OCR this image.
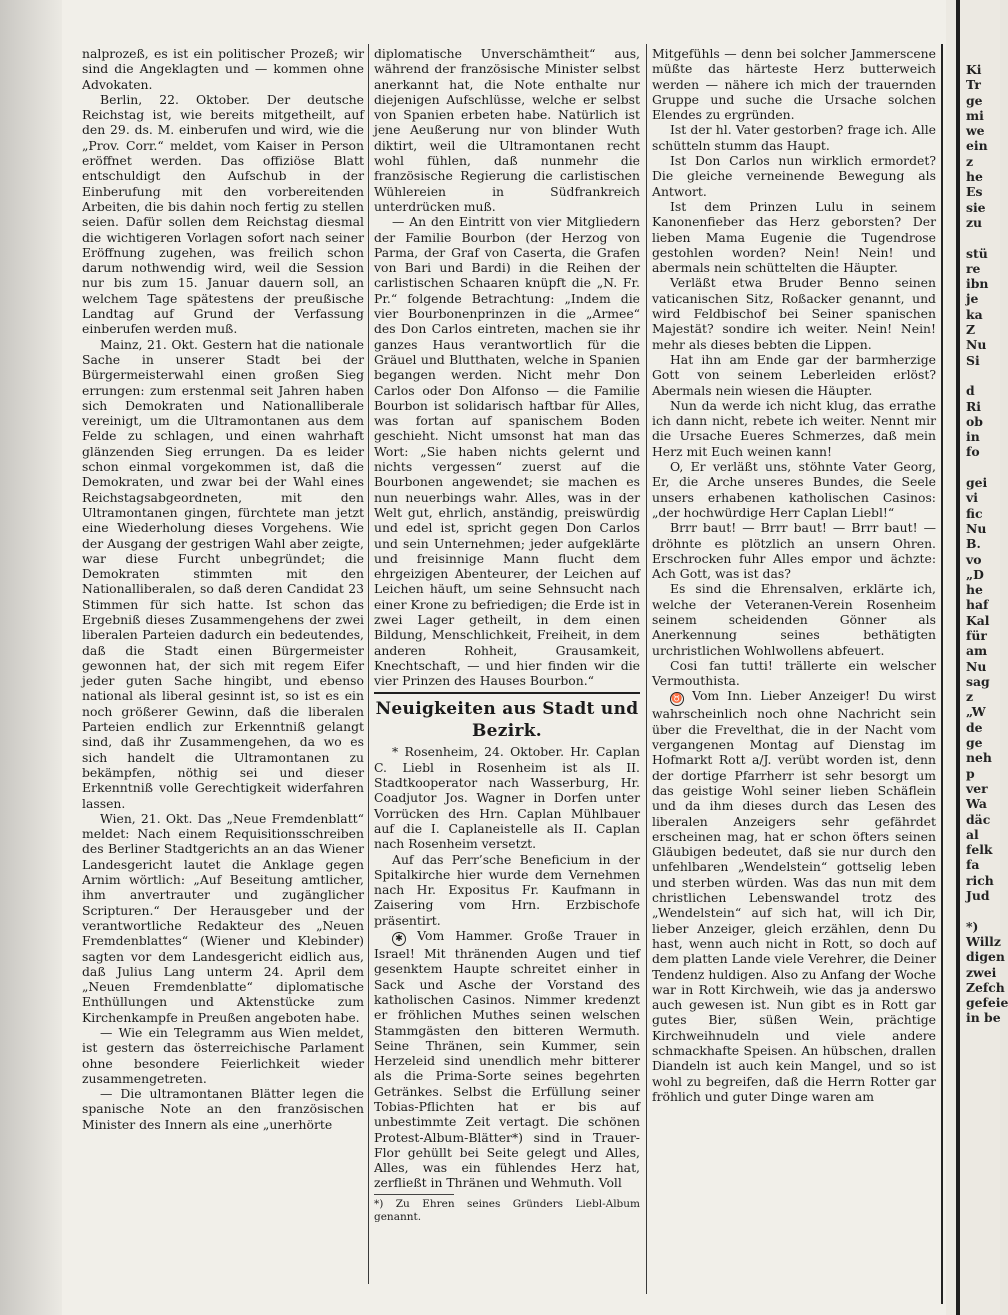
nalprozeß, es ist ein politischer Prozeß; wir sind die Angeklagten und — kommen ohne Advokaten.

Berlin, 22. Oktober. Der deutsche Reichstag ist, wie bereits mitgetheilt, auf den 29. ds. M. einberufen und wird, wie die „Prov. Corr.“ meldet, vom Kaiser in Person eröffnet werden. Das offiziöse Blatt entschuldigt den Aufschub in der Einberufung mit den vorbereitenden Arbeiten, die bis dahin noch fertig zu stellen seien. Dafür sollen dem Reichstag diesmal die wichtigeren Vorlagen sofort nach seiner Eröffnung zugehen, was freilich schon darum nothwendig wird, weil die Session nur bis zum 15. Januar dauern soll, an welchem Tage spätestens der preußische Landtag auf Grund der Verfassung einberufen werden muß.

Mainz, 21. Okt. Gestern hat die nationale Sache in unserer Stadt bei der Bürgermeisterwahl einen großen Sieg errungen: zum erstenmal seit Jahren haben sich Demokraten und Nationalliberale vereinigt, um die Ultramontanen aus dem Felde zu schlagen, und einen wahrhaft glänzenden Sieg errungen. Da es leider schon einmal vorgekommen ist, daß die Demokraten, und zwar bei der Wahl eines Reichstagsabgeordneten, mit den Ultramontanen gingen, fürchtete man jetzt eine Wiederholung dieses Vorgehens. Wie der Ausgang der gestrigen Wahl aber zeigte, war diese Furcht unbegründet; die Demokraten stimmten mit den Nationalliberalen, so daß deren Candidat 23 Stimmen für sich hatte. Ist schon das Ergebniß dieses Zusammengehens der zwei liberalen Parteien dadurch ein bedeutendes, daß die Stadt einen Bürgermeister gewonnen hat, der sich mit regem Eifer jeder guten Sache hingibt, und ebenso national als liberal gesinnt ist, so ist es ein noch größerer Gewinn, daß die liberalen Parteien endlich zur Erkenntniß gelangt sind, daß ihr Zusammengehen, da wo es sich handelt die Ultramontanen zu bekämpfen, nöthig sei und dieser Erkenntniß volle Gerechtigkeit widerfahren lassen.

Wien, 21. Okt. Das „Neue Fremdenblatt“ meldet: Nach einem Requisitionsschreiben des Berliner Stadtgerichts an an das Wiener Landesgericht lautet die Anklage gegen Arnim wörtlich: „Auf Beseitung amtlicher, ihm anvertrauter und zugänglicher Scripturen.“ Der Herausgeber und der verantwortliche Redakteur des „Neuen Fremdenblattes“ (Wiener und Klebinder) sagten vor dem Landesgericht eidlich aus, daß Julius Lang unterm 24. April dem „Neuen Fremdenblatte“ diplomatische Enthüllungen und Aktenstücke zum Kirchenkampfe in Preußen angeboten habe.

— Wie ein Telegramm aus Wien meldet, ist gestern das österreichische Parlament ohne besondere Feierlichkeit wieder zusammengetreten.

— Die ultramontanen Blätter legen die spanische Note an den französischen Minister des Innern als eine „unerhörte

diplomatische Unverschämtheit“ aus, während der französische Minister selbst anerkannt hat, die Note enthalte nur diejenigen Aufschlüsse, welche er selbst von Spanien erbeten habe. Natürlich ist jene Aeußerung nur von blinder Wuth diktirt, weil die Ultramontanen recht wohl fühlen, daß nunmehr die französische Regierung die carlistischen Wühlereien in Südfrankreich unterdrücken muß.

— An den Eintritt von vier Mitgliedern der Familie Bourbon (der Herzog von Parma, der Graf von Caserta, die Grafen von Bari und Bardi) in die Reihen der carlistischen Schaaren knüpft die „N. Fr. Pr.“ folgende Betrachtung: „Indem die vier Bourbonenprinzen in die „Armee“ des Don Carlos eintreten, machen sie ihr ganzes Haus verantwortlich für die Gräuel und Blutthaten, welche in Spanien begangen werden. Nicht mehr Don Carlos oder Don Alfonso — die Familie Bourbon ist solidarisch haftbar für Alles, was fortan auf spanischem Boden geschieht. Nicht umsonst hat man das Wort: „Sie haben nichts gelernt und nichts vergessen“ zuerst auf die Bourbonen angewendet; sie machen es nun neuerbings wahr. Alles, was in der Welt gut, ehrlich, anständig, preiswürdig und edel ist, spricht gegen Don Carlos und sein Unternehmen; jeder aufgeklärte und freisinnige Mann flucht dem ehrgeizigen Abenteurer, der Leichen auf Leichen häuft, um seine Sehnsucht nach einer Krone zu befriedigen; die Erde ist in zwei Lager getheilt, in dem einen Bildung, Menschlichkeit, Freiheit, in dem anderen Rohheit, Grausamkeit, Knechtschaft, — und hier finden wir die vier Prinzen des Hauses Bourbon.“

Neuigkeiten aus Stadt und Bezirk.

* Rosenheim, 24. Oktober. Hr. Caplan C. Liebl in Rosenheim ist als II. Stadtkooperator nach Wasserburg, Hr. Coadjutor Jos. Wagner in Dorfen unter Vorrücken des Hrn. Caplan Mühlbauer auf die I. Caplaneistelle als II. Caplan nach Rosenheim versetzt.

Auf das Perr’sche Beneficium in der Spitalkirche hier wurde dem Vernehmen nach Hr. Expositus Fr. Kaufmann in Zaisering vom Hrn. Erzbischofe präsentirt.

✱ Vom Hammer. Große Trauer in Israel! Mit thränenden Augen und tief gesenktem Haupte schreitet einher in Sack und Asche der Vorstand des katholischen Casinos. Nimmer kredenzt er fröhlichen Muthes seinen welschen Stammgästen den bitteren Wermuth. Seine Thränen, sein Kummer, sein Herzeleid sind unendlich mehr bitterer als die Prima-Sorte seines begehrten Getränkes. Selbst die Erfüllung seiner Tobias-Pflichten hat er bis auf unbestimmte Zeit vertagt. Die schönen Protest-Album-Blätter*) sind in Trauer-Flor gehüllt bei Seite gelegt und Alles, Alles, was ein fühlendes Herz hat, zerfließt in Thränen und Wehmuth. Voll

*) Zu Ehren seines Gründers Liebl-Album genannt.

Mitgefühls — denn bei solcher Jammerscene müßte das härteste Herz butterweich werden — nähere ich mich der trauernden Gruppe und suche die Ursache solchen Elendes zu ergründen.

Ist der hl. Vater gestorben? frage ich. Alle schütteln stumm das Haupt.

Ist Don Carlos nun wirklich ermordet? Die gleiche verneinende Bewegung als Antwort.

Ist dem Prinzen Lulu in seinem Kanonenfieber das Herz geborsten? Der lieben Mama Eugenie die Tugendrose gestohlen worden? Nein! Nein! und abermals nein schüttelten die Häupter.

Verläßt etwa Bruder Benno seinen vaticanischen Sitz, Roßacker genannt, und wird Feldbischof bei Seiner spanischen Majestät? sondire ich weiter. Nein! Nein! mehr als dieses bebten die Lippen.

Hat ihn am Ende gar der barmherzige Gott von seinem Leberleiden erlöst? Abermals nein wiesen die Häupter.

Nun da werde ich nicht klug, das errathe ich dann nicht, rebete ich weiter. Nennt mir die Ursache Eueres Schmerzes, daß mein Herz mit Euch weinen kann!

O, Er verläßt uns, stöhnte Vater Georg, Er, die Arche unseres Bundes, die Seele unsers erhabenen katholischen Casinos: „der hochwürdige Herr Caplan Liebl!“

Brrr baut! — Brrr baut! — Brrr baut! — dröhnte es plötzlich an unsern Ohren. Erschrocken fuhr Alles empor und ächzte: Ach Gott, was ist das?

Es sind die Ehrensalven, erklärte ich, welche der Veteranen-Verein Rosenheim seinem scheidenden Gönner als Anerkennung seines bethätigten urchristlichen Wohlwollens abfeuert.

Cosi fan tutti! trällerte ein welscher Vermouthista.

♉ Vom Inn. Lieber Anzeiger! Du wirst wahrscheinlich noch ohne Nachricht sein über die Frevelthat, die in der Nacht vom vergangenen Montag auf Dienstag im Hofmarkt Rott a/J. verübt worden ist, denn der dortige Pfarrherr ist sehr besorgt um das geistige Wohl seiner lieben Schäflein und da ihm dieses durch das Lesen des liberalen Anzeigers sehr gefährdet erscheinen mag, hat er schon öfters seinen Gläubigen bedeutet, daß sie nur durch den unfehlbaren „Wendelstein“ gottselig leben und sterben würden. Was das nun mit dem christlichen Lebenswandel trotz des „Wendelstein“ auf sich hat, will ich Dir, lieber Anzeiger, gleich erzählen, denn Du hast, wenn auch nicht in Rott, so doch auf dem platten Lande viele Verehrer, die Deiner Tendenz huldigen. Also zu Anfang der Woche war in Rott Kirchweih, wie das ja anderswo auch gewesen ist. Nun gibt es in Rott gar gutes Bier, süßen Wein, prächtige Kirchweihnudeln und viele andere schmackhafte Speisen. An hübschen, drallen Diandeln ist auch kein Mangel, und so ist wohl zu begreifen, daß die Herrn Rotter gar fröhlich und guter Dinge waren am

Ki
Tr
ge
mi
we
ein
z
he
Es
sie
zu

stü
re
ibn
je
ka
Z
Nu
Si

d
Ri
ob
in
fo

gei
vi
fic
Nu
B.
vo
„D
he
haf
Kal
für
am
Nu
sag
z
„W
de
ge
neh
p
ver
Wa
däc
al
felk
fa
rich
Jud

*)
Willz
digen
zwei
Zefch
gefeie
in be
